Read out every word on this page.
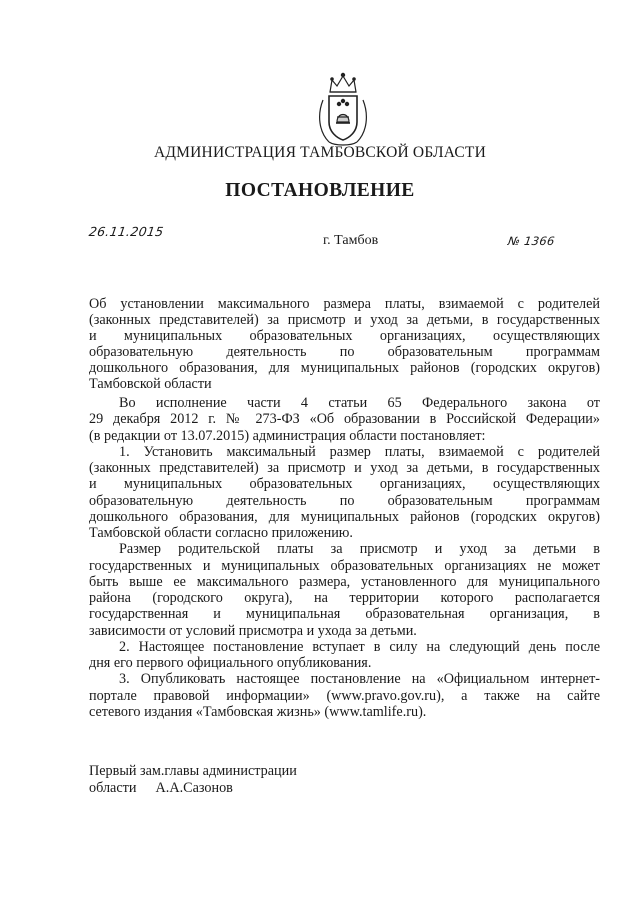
АДМИНИСТРАЦИЯ ТАМБОВСКОЙ ОБЛАСТИ
ПОСТАНОВЛЕНИЕ
26.11.2015
г. Тамбов	№ 1366
Об установлении максимального размера платы, взимаемой с родителей
(законных представителей) за присмотр и уход за детьми, в государственных
и муниципальных образовательных организациях, осуществляющих
образовательную деятельность по образовательным программам
дошкольного образования, для муниципальных районов (городских округов)
Тамбовской области
Во исполнение части 4 статьи 65 Федерального закона от
29 декабря 2012 г. № 273-ФЗ «Об образовании в Российской Федерации»
(в редакции от 13.07.2015) администрация области постановляет:
1. Установить максимальный размер платы, взимаемой с родителей
(законных представителей) за присмотр и уход за детьми, в государственных
и муниципальных образовательных организациях, осуществляющих
образовательную деятельность по образовательным программам
дошкольного образования, для муниципальных районов (городских округов)
Тамбовской области согласно приложению.
Размер родительской платы за присмотр и уход за детьми в
государственных и муниципальных образовательных организациях не может
быть выше ее максимального размера, установленного для муниципального
района (городского округа), на территории которого располагается
государственная и муниципальная образовательная организация, в
зависимости от условий присмотра и ухода за детьми.
2. Настоящее постановление вступает в силу на следующий день после
дня его первого официального опубликования.
3. Опубликовать настоящее постановление на «Официальном интернет-
портале правовой информации» (www.pravo.gov.ru), а также на сайте
сетевого издания «Тамбовская жизнь» (www.tamlife.ru).
Первый зам.главы администрации
области А.А.Сазонов
